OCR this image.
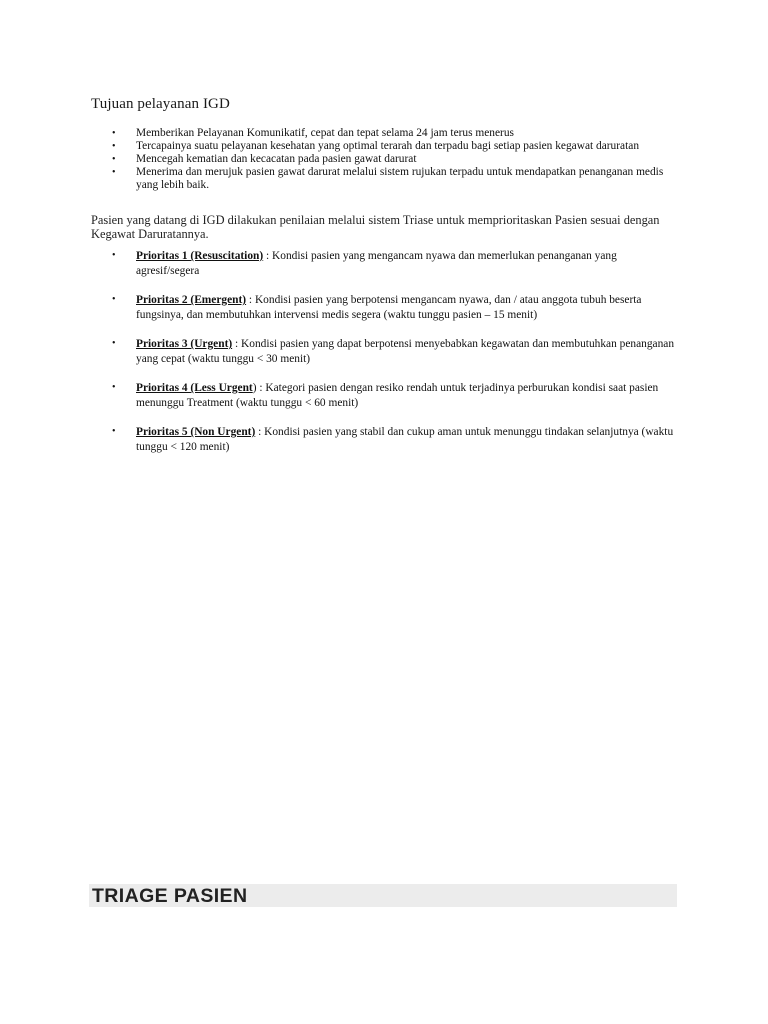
Tujuan pelayanan IGD
• Memberikan Pelayanan Komunikatif, cepat dan tepat selama 24 jam terus menerus
• Tercapainya suatu pelayanan kesehatan yang optimal terarah dan terpadu bagi setiap pasien kegawat daruratan
• Mencegah kematian dan kecacatan pada pasien gawat darurat
• Menerima dan merujuk pasien gawat darurat melalui sistem rujukan terpadu untuk mendapatkan penanganan medis yang lebih baik.

Pasien yang datang di IGD dilakukan penilaian melalui sistem Triase untuk memprioritaskan Pasien sesuai dengan Kegawat Daruratannya.

• Prioritas 1 (Resuscitation) : Kondisi pasien yang mengancam nyawa dan memerlukan penanganan yang agresif/segera
• Prioritas 2 (Emergent) : Kondisi pasien yang berpotensi mengancam nyawa, dan / atau anggota tubuh beserta fungsinya, dan membutuhkan intervensi medis segera (waktu tunggu pasien – 15 menit)
• Prioritas 3 (Urgent) : Kondisi pasien yang dapat berpotensi menyebabkan kegawatan dan membutuhkan penanganan yang cepat (waktu tunggu < 30 menit)
• Prioritas 4 (Less Urgent) : Kategori pasien dengan resiko rendah untuk terjadinya perburukan kondisi saat pasien menunggu Treatment (waktu tunggu < 60 menit)
• Prioritas 5 (Non Urgent) : Kondisi pasien yang stabil dan cukup aman untuk menunggu tindakan selanjutnya (waktu tunggu < 120 menit)
TRIAGE PASIEN
